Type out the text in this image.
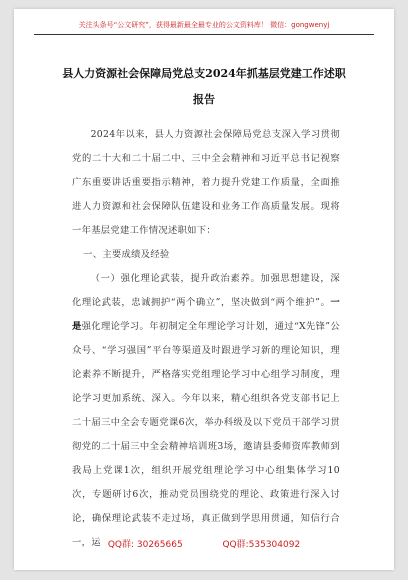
关注头条号“公文研究”，获得最新最全最专业的公文资料库！ 微信：gongwenyj
县人力资源社会保障局党总支2024年抓基层党建工作述职
报告

2024年以来，县人力资源社会保障局党总支深入学习贯彻党的二十大和二十届二中、三中全会精神和习近平总书记视察广东重要讲话重要指示精神，着力提升党建工作质量，全面推进人力资源和社会保障队伍建设和业务工作高质量发展。现将一年基层党建工作情况述职如下：

一、主要成绩及经验

（一）强化理论武装，提升政治素养。加强思想建设，深化理论武装，忠诚拥护“两个确立”，坚决做到“两个维护”。一是强化理论学习。年初制定全年理论学习计划，通过“X先锋”公众号、“学习强国”平台等渠道及时跟进学习新的理论知识，理论素养不断提升，严格落实党组理论学习中心组学习制度，理论学习更加系统、深入。今年以来，精心组织各党支部书记上二十届三中全会专题党课6次，举办科级及以下党员干部学习贯彻党的二十届三中全会精神培训班3场，邀请县委师资库教师到我局上党课1次，组织开展党组理论学习中心组集体学习10次，专题研讨6次，推动党员围绕党的理论、政策进行深入讨论，确保理论武装不走过场，真正做到学思用贯通，知信行合一，运 QQ群: 30265665	QQ群:535304092
